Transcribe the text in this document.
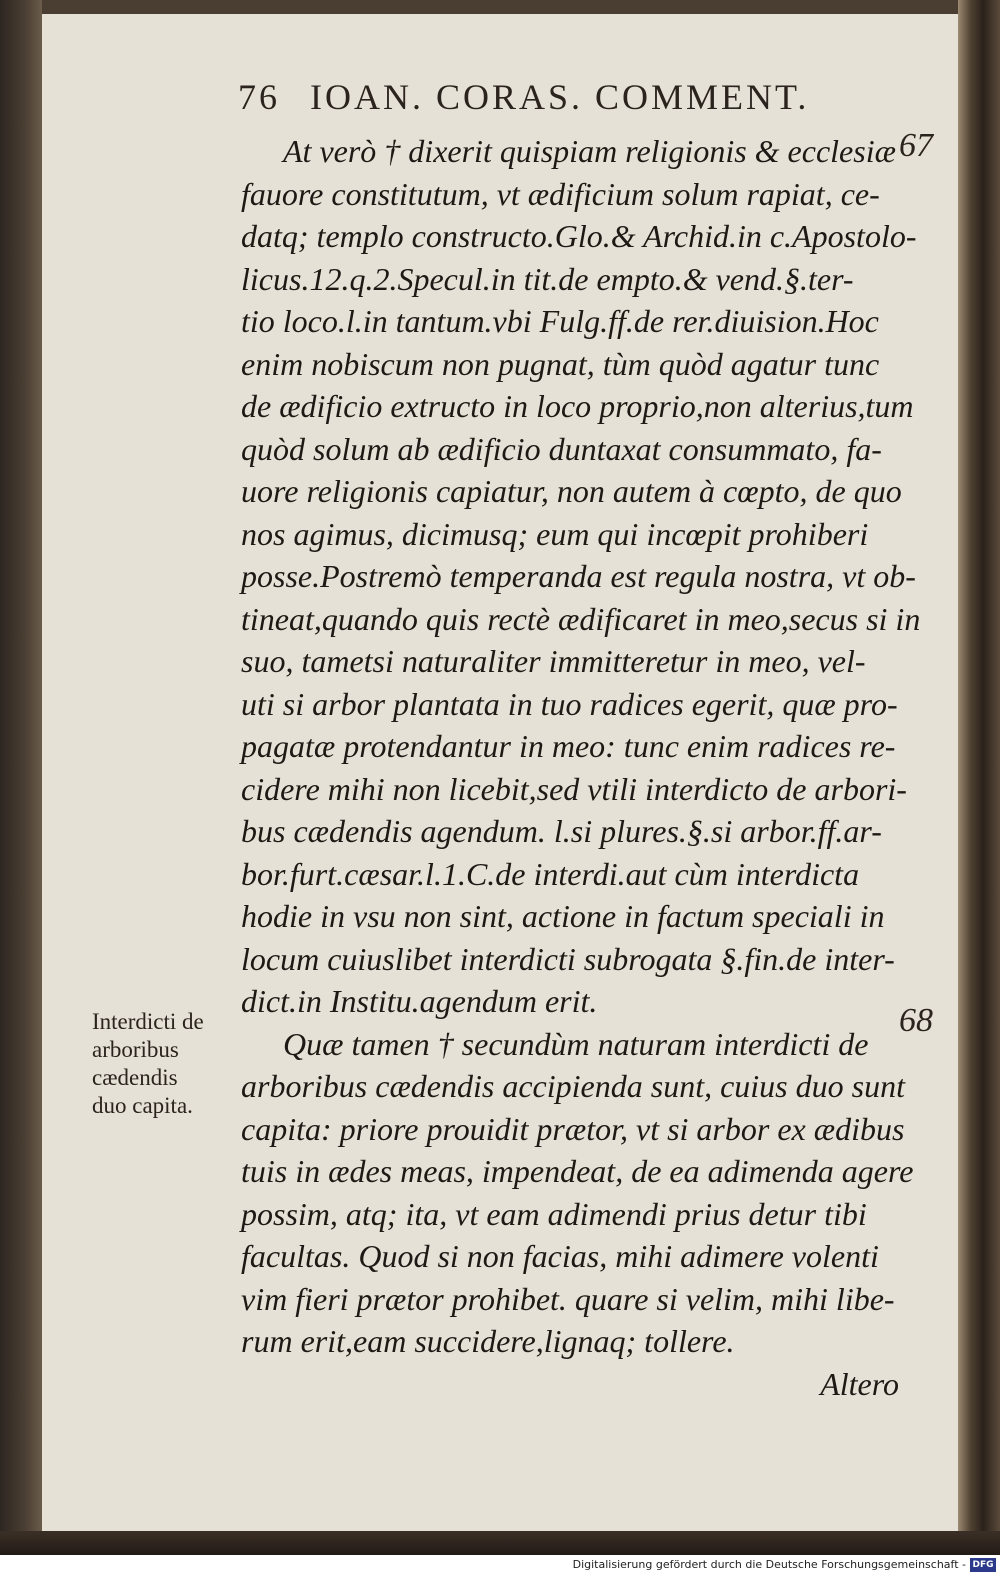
76 IOAN. CORAS. COMMENT.
67
68
Interdicti de
arboribus
cædendis
duo capita.
At verò † dixerit quispiam religionis & ecclesiæ
fauore constitutum, vt ædificium solum rapiat, ce-
datq; templo constructo.Glo.& Archid.in c.Apostolo-
licus.12.q.2.Specul.in tit.de empto.& vend.§.ter-
tio loco.l.in tantum.vbi Fulg.ff.de rer.diuision.Hoc
enim nobiscum non pugnat, tùm quòd agatur tunc
de ædificio extructo in loco proprio,non alterius,tum
quòd solum ab ædificio duntaxat consummato, fa-
uore religionis capiatur, non autem à cœpto, de quo
nos agimus, dicimusq; eum qui incœpit prohiberi
posse.Postremò temperanda est regula nostra, vt ob-
tineat,quando quis rectè ædificaret in meo,secus si in
suo, tametsi naturaliter immitteretur in meo, vel-
uti si arbor plantata in tuo radices egerit, quæ pro-
pagatæ protendantur in meo: tunc enim radices re-
cidere mihi non licebit,sed vtili interdicto de arbori-
bus cædendis agendum. l.si plures.§.si arbor.ff.ar-
bor.furt.cæsar.l.1.C.de interdi.aut cùm interdicta
hodie in vsu non sint, actione in factum speciali in
locum cuiuslibet interdicti subrogata §.fin.de inter-
dict.in Institu.agendum erit.
Quæ tamen † secundùm naturam interdicti de
arboribus cædendis accipienda sunt, cuius duo sunt
capita: priore prouidit prætor, vt si arbor ex ædibus
tuis in ædes meas, impendeat, de ea adimenda agere
possim, atq; ita, vt eam adimendi prius detur tibi
facultas. Quod si non facias, mihi adimere volenti
vim fieri prætor prohibet. quare si velim, mihi libe-
rum erit,eam succidere,lignaq; tollere.
Altero
Digitalisierung gefördert durch die Deutsche Forschungsgemeinschaft - DFG
